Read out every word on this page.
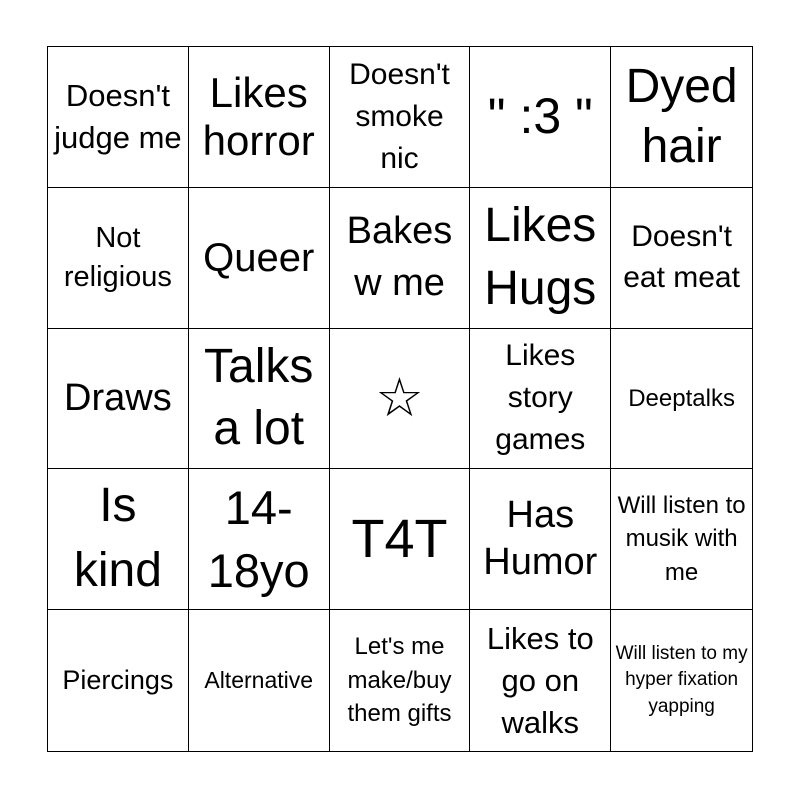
Doesn't judge me
Likes horror
Doesn't smoke nic
" :3 "
Dyed hair
Not religious Queer
Bakes w me
Likes Hugs
Doesn't eat meat
Draws
Talks a lot
☆
Likes story games
Deeptalks
Is kind
14-18yo
T4T	Has Humor
Will listen to musik with me
Piercings Alternative
Let's me make/buy them gifts
Likes to go on walks
Will listen to my hyper fixation yapping
